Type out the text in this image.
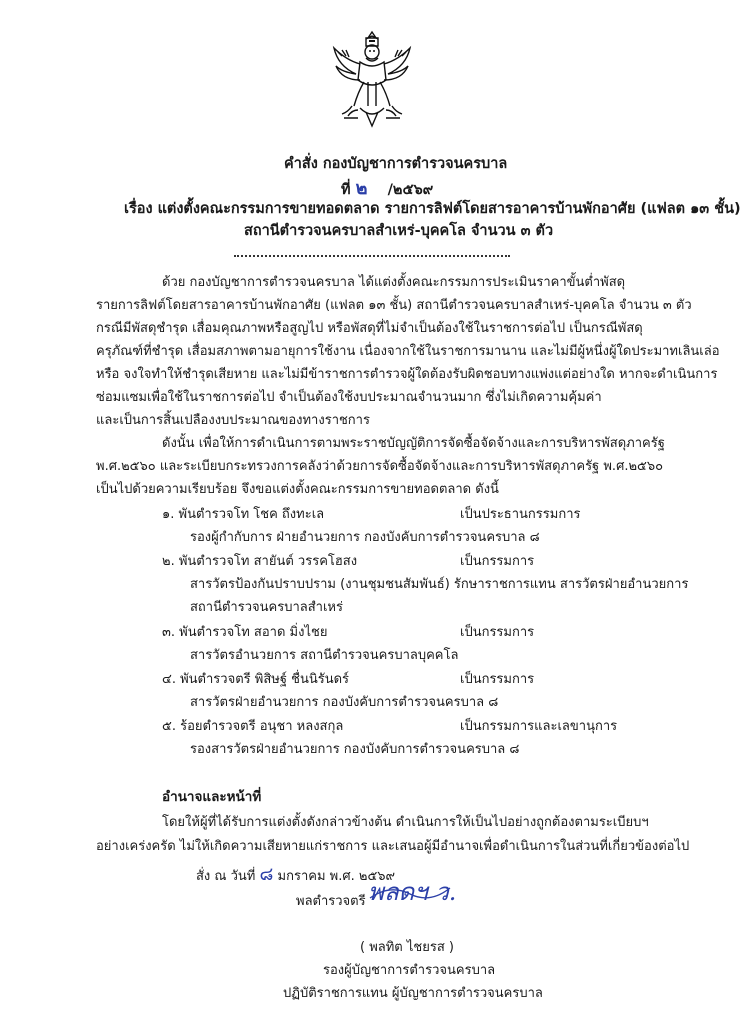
คำสั่ง กองบัญชาการตำรวจนครบาล
ที่ ๒ /๒๕๖๙
เรื่อง แต่งตั้งคณะกรรมการขายทอดตลาด รายการลิฟต์โดยสารอาคารบ้านพักอาศัย (แฟลต ๑๓ ชั้น)
สถานีตำรวจนครบาลสำเหร่-บุคคโล จำนวน ๓ ตัว
ด้วย กองบัญชาการตำรวจนครบาล ได้แต่งตั้งคณะกรรมการประเมินราคาขั้นต่ำพัสดุ
รายการลิฟต์โดยสารอาคารบ้านพักอาศัย (แฟลต ๑๓ ชั้น) สถานีตำรวจนครบาลสำเหร่-บุคคโล จำนวน ๓ ตัว
กรณีมีพัสดุชำรุด เสื่อมคุณภาพหรือสูญไป หรือพัสดุที่ไม่จำเป็นต้องใช้ในราชการต่อไป เป็นกรณีพัสดุ
ครุภัณฑ์ที่ชำรุด เสื่อมสภาพตามอายุการใช้งาน เนื่องจากใช้ในราชการมานาน และไม่มีผู้หนึ่งผู้ใดประมาทเลินเล่อ
หรือ จงใจทำให้ชำรุดเสียหาย และไม่มีข้าราชการตำรวจผู้ใดต้องรับผิดชอบทางแพ่งแต่อย่างใด หากจะดำเนินการ
ซ่อมแซมเพื่อใช้ในราชการต่อไป จำเป็นต้องใช้งบประมาณจำนวนมาก ซึ่งไม่เกิดความคุ้มค่า
และเป็นการสิ้นเปลืองงบประมาณของทางราชการ
ดังนั้น เพื่อให้การดำเนินการตามพระราชบัญญัติการจัดซื้อจัดจ้างและการบริหารพัสดุภาครัฐ
พ.ศ.๒๕๖๐ และระเบียบกระทรวงการคลังว่าด้วยการจัดซื้อจัดจ้างและการบริหารพัสดุภาครัฐ พ.ศ.๒๕๖๐
เป็นไปด้วยความเรียบร้อย จึงขอแต่งตั้งคณะกรรมการขายทอดตลาด ดังนี้
๑. พันตำรวจโท โชค ถึงทะเล	เป็นประธานกรรมการ
รองผู้กำกับการ ฝ่ายอำนวยการ กองบังคับการตำรวจนครบาล ๘
๒. พันตำรวจโท สายันต์ วรรคโฮสง	เป็นกรรมการ
สารวัตรป้องกันปราบปราม (งานชุมชนสัมพันธ์) รักษาราชการแทน สารวัตรฝ่ายอำนวยการ
สถานีตำรวจนครบาลสำเหร่
๓. พันตำรวจโท สอาด มิ่งไชย	เป็นกรรมการ
สารวัตรอำนวยการ สถานีตำรวจนครบาลบุคคโล
๔. พันตำรวจตรี พิสิษฐ์ ชื่นนิรันดร์	เป็นกรรมการ
สารวัตรฝ่ายอำนวยการ กองบังคับการตำรวจนครบาล ๘
๕. ร้อยตำรวจตรี อนุชา หลงสกุล	เป็นกรรมการและเลขานุการ
รองสารวัตรฝ่ายอำนวยการ กองบังคับการตำรวจนครบาล ๘
อำนาจและหน้าที่
โดยให้ผู้ที่ได้รับการแต่งตั้งดังกล่าวข้างต้น ดำเนินการให้เป็นไปอย่างถูกต้องตามระเบียบฯ
อย่างเคร่งครัด ไม่ให้เกิดความเสียหายแก่ราชการ และเสนอผู้มีอำนาจเพื่อดำเนินการในส่วนที่เกี่ยวข้องต่อไป
สั่ง ณ วันที่ ๘ มกราคม พ.ศ. ๒๕๖๙
พลตำรวจตรี พลดฯ ว.
( พลทิต ไชยรส )
รองผู้บัญชาการตำรวจนครบาล
ปฏิบัติราชการแทน ผู้บัญชาการตำรวจนครบาล
